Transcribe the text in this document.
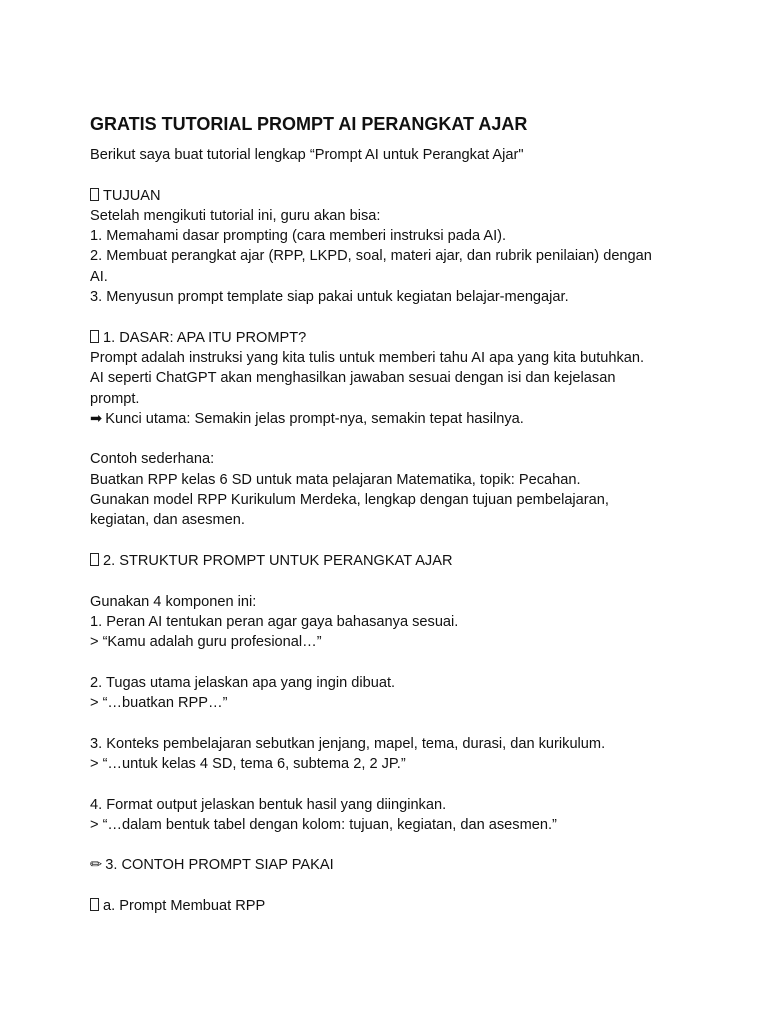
GRATIS TUTORIAL PROMPT AI PERANGKAT AJAR
Berikut saya buat tutorial lengkap “Prompt AI untuk Perangkat Ajar"
TUJUAN
Setelah mengikuti tutorial ini, guru akan bisa:
1. Memahami dasar prompting (cara memberi instruksi pada AI).
2. Membuat perangkat ajar (RPP, LKPD, soal, materi ajar, dan rubrik penilaian) dengan
AI.
3. Menyusun prompt template siap pakai untuk kegiatan belajar-mengajar.
1. DASAR: APA ITU PROMPT?
Prompt adalah instruksi yang kita tulis untuk memberi tahu AI apa yang kita butuhkan.
AI seperti ChatGPT akan menghasilkan jawaban sesuai dengan isi dan kejelasan
prompt.
➡ Kunci utama: Semakin jelas prompt-nya, semakin tepat hasilnya.
Contoh sederhana:
Buatkan RPP kelas 6 SD untuk mata pelajaran Matematika, topik: Pecahan.
Gunakan model RPP Kurikulum Merdeka, lengkap dengan tujuan pembelajaran,
kegiatan, dan asesmen.
2. STRUKTUR PROMPT UNTUK PERANGKAT AJAR
Gunakan 4 komponen ini:
1. Peran AI tentukan peran agar gaya bahasanya sesuai.
> “Kamu adalah guru profesional…”
2. Tugas utama jelaskan apa yang ingin dibuat.
> “…buatkan RPP…”
3. Konteks pembelajaran sebutkan jenjang, mapel, tema, durasi, dan kurikulum.
> “…untuk kelas 4 SD, tema 6, subtema 2, 2 JP.”
4. Format output jelaskan bentuk hasil yang diinginkan.
> “…dalam bentuk tabel dengan kolom: tujuan, kegiatan, dan asesmen.”
✏ 3. CONTOH PROMPT SIAP PAKAI
a. Prompt Membuat RPP
